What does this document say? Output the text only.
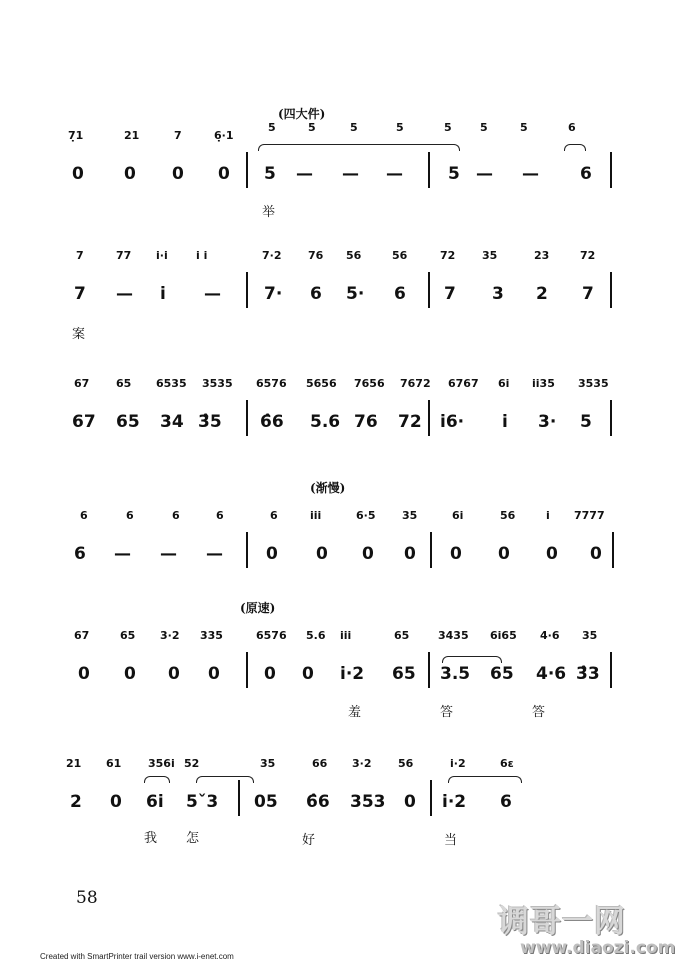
(四大件)
7̣1	21	7	6̣·1
5	5	5	5	5	5	5	6
0 0 0 0 5 — — —	5 — — 6
举
7	77 i·i	i i	7·2 76 56	56	72 35	23	72
7 — i —	7· 6 5· 6 7 3 2 7
案
67 65 6535 3535 6576 5656 7656 7672 6767 6i ii35 3535
67 65 34 3̂5 6̂6 5.6 76 72 i6· i 3· 5
(渐慢)
6	6	6	6	6	iii	6·5 35	6i	56	i 7777
6 — — —	0 0 0 0 0 0 0 0
(原速)
67	65 3·2 335	6576 5.6 iii	65	3435 6i65 4·6 35
0 0 0 0	0 0 i·2 65 3.5 65 4·6 3̂3
羞	答	答
21 61 356i 52	35	66 3·2 56	i·2	6ε
2 0 6i 5ˇ3 05 6̂6 353 0 i·2 6
我 怎	好	当
58
Created with SmartPrinter trail version www.i-enet.com
调哥一网
www.diaozi.com
